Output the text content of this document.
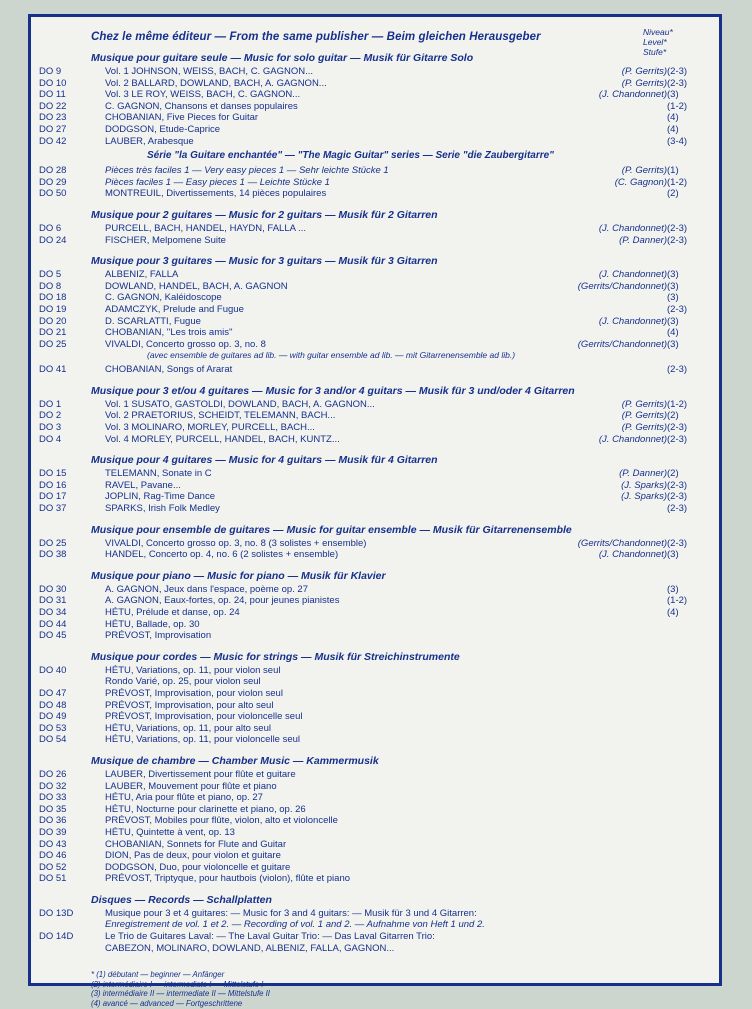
Niveau*
Level*
Stufe*
Chez le même éditeur — From the same publisher — Beim gleichen Herausgeber
Musique pour guitare seule — Music for solo guitar — Musik für Gitarre Solo
DO 9	Vol. 1 JOHNSON, WEISS, BACH, C. GAGNON...	(P. Gerrits)	(2-3)
DO 10	Vol. 2 BALLARD, DOWLAND, BACH, A. GAGNON...	(P. Gerrits)	(2-3)
DO 11	Vol. 3 LE ROY, WEISS, BACH, C. GAGNON...	(J. Chandonnet)	(3)
DO 22	C. GAGNON, Chansons et danses populaires		(1-2)
DO 23	CHOBANIAN, Five Pieces for Guitar		(4)
DO 27	DODGSON, Etude-Caprice		(4)
DO 42	LAUBER, Arabesque		(3-4)
Série "la Guitare enchantée" — "The Magic Guitar" series — Serie "die Zaubergitarre"
DO 28	Pièces très faciles 1 — Very easy pieces 1 — Sehr leichte Stücke 1	(P. Gerrits)	(1)
DO 29	Pièces faciles 1 — Easy pieces 1 — Leichte Stücke 1	(C. Gagnon)	(1-2)
DO 50	MONTREUIL, Divertissements, 14 pièces populaires		(2)
Musique pour 2 guitares — Music for 2 guitars — Musik für 2 Gitarren
DO 6	PURCELL, BACH, HANDEL, HAYDN, FALLA ...	(J. Chandonnet)	(2-3)
DO 24	FISCHER, Melpomene Suite	(P. Danner)	(2-3)
Musique pour 3 guitares — Music for 3 guitars — Musik für 3 Gitarren
DO 5	ALBENIZ, FALLA	(J. Chandonnet)	(3)
DO 8	DOWLAND, HANDEL, BACH, A. GAGNON	(Gerrits/Chandonnet)	(3)
DO 18	C. GAGNON, Kaléidoscope		(3)
DO 19	ADAMCZYK, Prelude and Fugue		(2-3)
DO 20	D. SCARLATTI, Fugue	(J. Chandonnet)	(3)
DO 21	CHOBANIAN, ''Les trois amis''		(4)
DO 25	VIVALDI, Concerto grosso op. 3, no. 8	(Gerrits/Chandonnet)	(3)
(avec ensemble de guitares ad lib. — with guitar ensemble ad lib. — mit Gitarrenensemble ad lib.)
DO 41	CHOBANIAN, Songs of Ararat		(2-3)
Musique pour 3 et/ou 4 guitares — Music for 3 and/or 4 guitars — Musik für 3 und/oder 4 Gitarren
DO 1	Vol. 1 SUSATO, GASTOLDI, DOWLAND, BACH, A. GAGNON...	(P. Gerrits)	(1-2)
DO 2	Vol. 2 PRAETORIUS, SCHEIDT, TELEMANN, BACH...	(P. Gerrits)	(2)
DO 3	Vol. 3 MOLINARO, MORLEY, PURCELL, BACH...	(P. Gerrits)	(2-3)
DO 4	Vol. 4 MORLEY, PURCELL, HANDEL, BACH, KUNTZ...	(J. Chandonnet)	(2-3)
Musique pour 4 guitares — Music for 4 guitars — Musik für 4 Gitarren
DO 15	TELEMANN, Sonate in C	(P. Danner)	(2)
DO 16	RAVEL, Pavane...	(J. Sparks)	(2-3)
DO 17	JOPLIN, Rag-Time Dance	(J. Sparks)	(2-3)
DO 37	SPARKS, Irish Folk Medley		(2-3)
Musique pour ensemble de guitares — Music for guitar ensemble — Musik für Gitarrenensemble
DO 25	VIVALDI, Concerto grosso op. 3, no. 8 (3 solistes + ensemble)	(Gerrits/Chandonnet)	(2-3)
DO 38	HANDEL, Concerto op. 4, no. 6 (2 solistes + ensemble)	(J. Chandonnet)	(3)
Musique pour piano — Music for piano — Musik für Klavier
DO 30	A. GAGNON, Jeux dans l'espace, poème op. 27		(3)
DO 31	A. GAGNON, Eaux-fortes, op. 24, pour jeunes pianistes		(1-2)
DO 34	HÉTU, Prélude et danse, op. 24		(4)
DO 44	HÉTU, Ballade, op. 30		
DO 45	PRÉVOST, Improvisation		
Musique pour cordes — Music for strings — Musik für Streichinstrumente
DO 40	HÉTU, Variations, op. 11, pour violon seul		
	Rondo Varié, op. 25, pour violon seul		
DO 47	PRÉVOST, Improvisation, pour violon seul		
DO 48	PRÉVOST, Improvisation, pour alto seul		
DO 49	PRÉVOST, Improvisation, pour violoncelle seul		
DO 53	HÉTU, Variations, op. 11, pour alto seul		
DO 54	HÉTU, Variations, op. 11, pour violoncelle seul		
Musique de chambre — Chamber Music — Kammermusik
DO 26	LAUBER, Divertissement pour flûte et guitare		
DO 32	LAUBER, Mouvement pour flûte et piano		
DO 33	HÉTU, Aria pour flûte et piano, op. 27		
DO 35	HÉTU, Nocturne pour clarinette et piano, op. 26		
DO 36	PRÉVOST, Mobiles pour flûte, violon, alto et violoncelle		
DO 39	HÉTU, Quintette à vent, op. 13		
DO 43	CHOBANIAN, Sonnets for Flute and Guitar		
DO 46	DION, Pas de deux, pour violon et guitare		
DO 52	DODGSON, Duo, pour violoncelle et guitare		
DO 51	PRÉVOST, Triptyque, pour hautbois (violon), flûte et piano		
Disques — Records — Schallplatten
DO 13D	Musique pour 3 et 4 guitares: — Music for 3 and 4 guitars: — Musik für 3 und 4 Gitarren:		
	Enregistrement de vol. 1 et 2. — Recording of vol. 1 and 2. — Aufnahme von Heft 1 und 2.		
DO 14D	Le Trio de Guitares Laval: — The Laval Guitar Trio: — Das Laval Gitarren Trio:		
	CABEZON, MOLINARO, DOWLAND, ALBENIZ, FALLA, GAGNON...		
* (1) débutant — beginner — Anfänger
(2) intermédiaire I — intermediate I — Mittelstufe I
(3) intermédiaire II — intermediate II — Mittelstufe II
(4) avancé — advanced — Fortgeschrittene
